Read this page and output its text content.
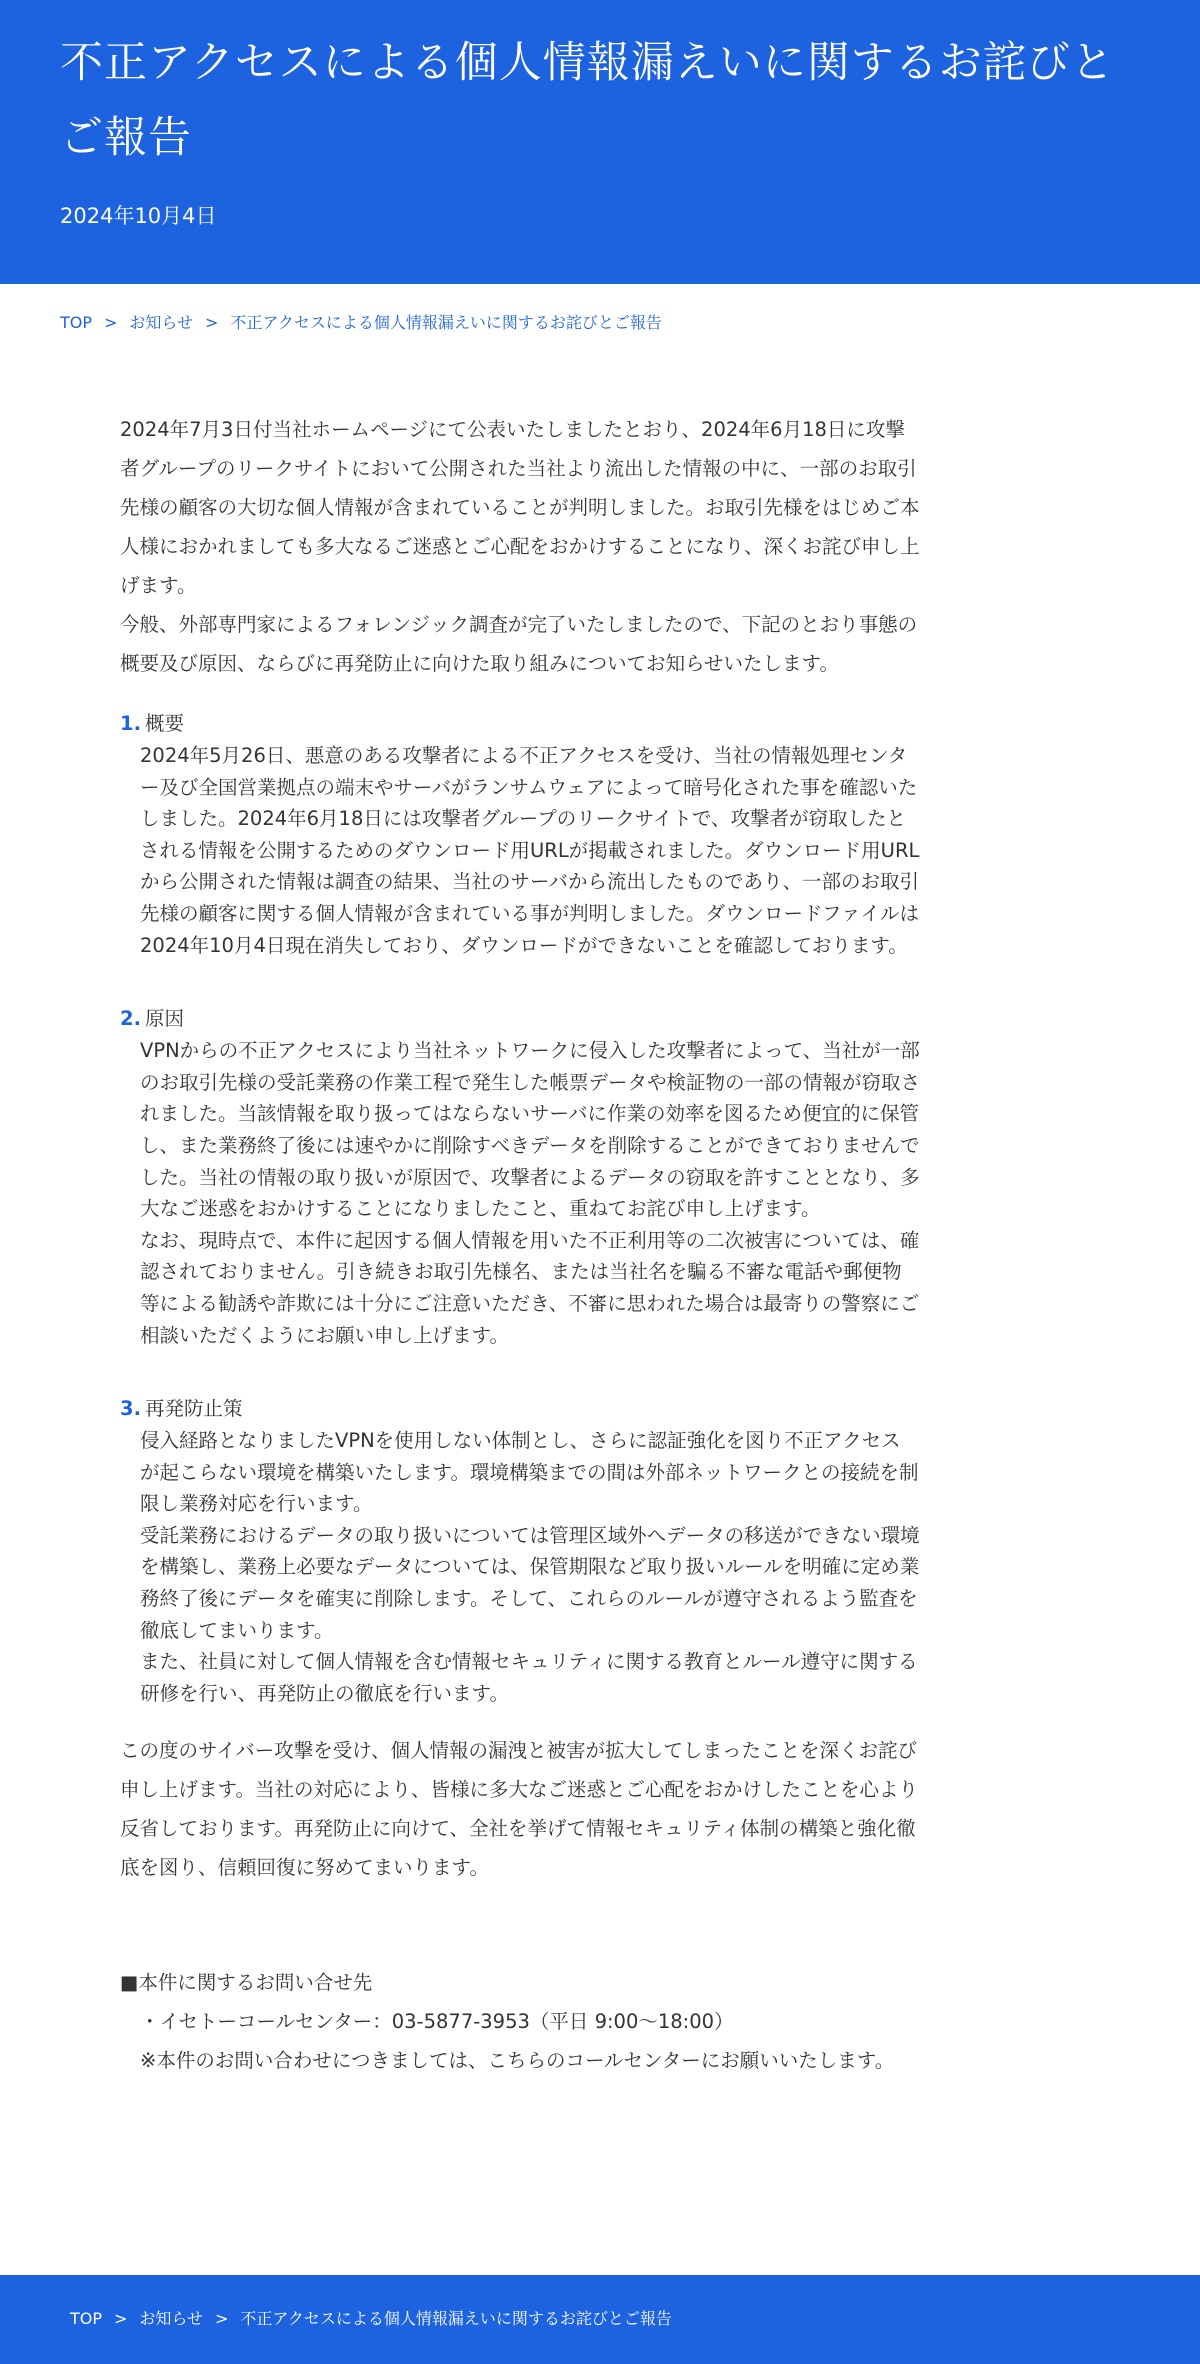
不正アクセスによる個人情報漏えいに関するお詫びとご報告
2024年10月4日
TOP > お知らせ > 不正アクセスによる個人情報漏えいに関するお詫びとご報告

2024年7月3日付当社ホームページにて公表いたしましたとおり、2024年6月18日に攻撃者グループのリークサイトにおいて公開された当社より流出した情報の中に、一部のお取引先様の顧客の大切な個人情報が含まれていることが判明しました。お取引先様をはじめご本人様におかれましても多大なるご迷惑とご心配をおかけすることになり、深くお詫び申し上げます。

今般、外部専門家によるフォレンジック調査が完了いたしましたので、下記のとおり事態の概要及び原因、ならびに再発防止に向けた取り組みについてお知らせいたします。

1. 概要

2024年5月26日、悪意のある攻撃者による不正アクセスを受け、当社の情報処理センター及び全国営業拠点の端末やサーバがランサムウェアによって暗号化された事を確認いたしました。2024年6月18日には攻撃者グループのリークサイトで、攻撃者が窃取したとされる情報を公開するためのダウンロード用URLが掲載されました。ダウンロード用URLから公開された情報は調査の結果、当社のサーバから流出したものであり、一部のお取引先様の顧客に関する個人情報が含まれている事が判明しました。ダウンロードファイルは2024年10月4日現在消失しており、ダウンロードができないことを確認しております。

2. 原因

VPNからの不正アクセスにより当社ネットワークに侵入した攻撃者によって、当社が一部のお取引先様の受託業務の作業工程で発生した帳票データや検証物の一部の情報が窃取されました。当該情報を取り扱ってはならないサーバに作業の効率を図るため便宜的に保管し、また業務終了後には速やかに削除すべきデータを削除することができておりませんでした。当社の情報の取り扱いが原因で、攻撃者によるデータの窃取を許すこととなり、多大なご迷惑をおかけすることになりましたこと、重ねてお詫び申し上げます。

なお、現時点で、本件に起因する個人情報を用いた不正利用等の二次被害については、確認されておりません。引き続きお取引先様名、または当社名を騙る不審な電話や郵便物等による勧誘や詐欺には十分にご注意いただき、不審に思われた場合は最寄りの警察にご相談いただくようにお願い申し上げます。

3. 再発防止策

侵入経路となりましたVPNを使用しない体制とし、さらに認証強化を図り不正アクセスが起こらない環境を構築いたします。環境構築までの間は外部ネットワークとの接続を制限し業務対応を行います。

受託業務におけるデータの取り扱いについては管理区域外へデータの移送ができない環境を構築し、業務上必要なデータについては、保管期限など取り扱いルールを明確に定め業務終了後にデータを確実に削除します。そして、これらのルールが遵守されるよう監査を徹底してまいります。

また、社員に対して個人情報を含む情報セキュリティに関する教育とルール遵守に関する研修を行い、再発防止の徹底を行います。

この度のサイバー攻撃を受け、個人情報の漏洩と被害が拡大してしまったことを深くお詫び申し上げます。当社の対応により、皆様に多大なご迷惑とご心配をおかけしたことを心より反省しております。再発防止に向けて、全社を挙げて情報セキュリティ体制の構築と強化徹底を図り、信頼回復に努めてまいります。

■本件に関するお問い合せ先
・イセトーコールセンター：03-5877-3953（平日 9:00～18:00）
※本件のお問い合わせにつきましては、こちらのコールセンターにお願いいたします。
TOP > お知らせ > 不正アクセスによる個人情報漏えいに関するお詫びとご報告
